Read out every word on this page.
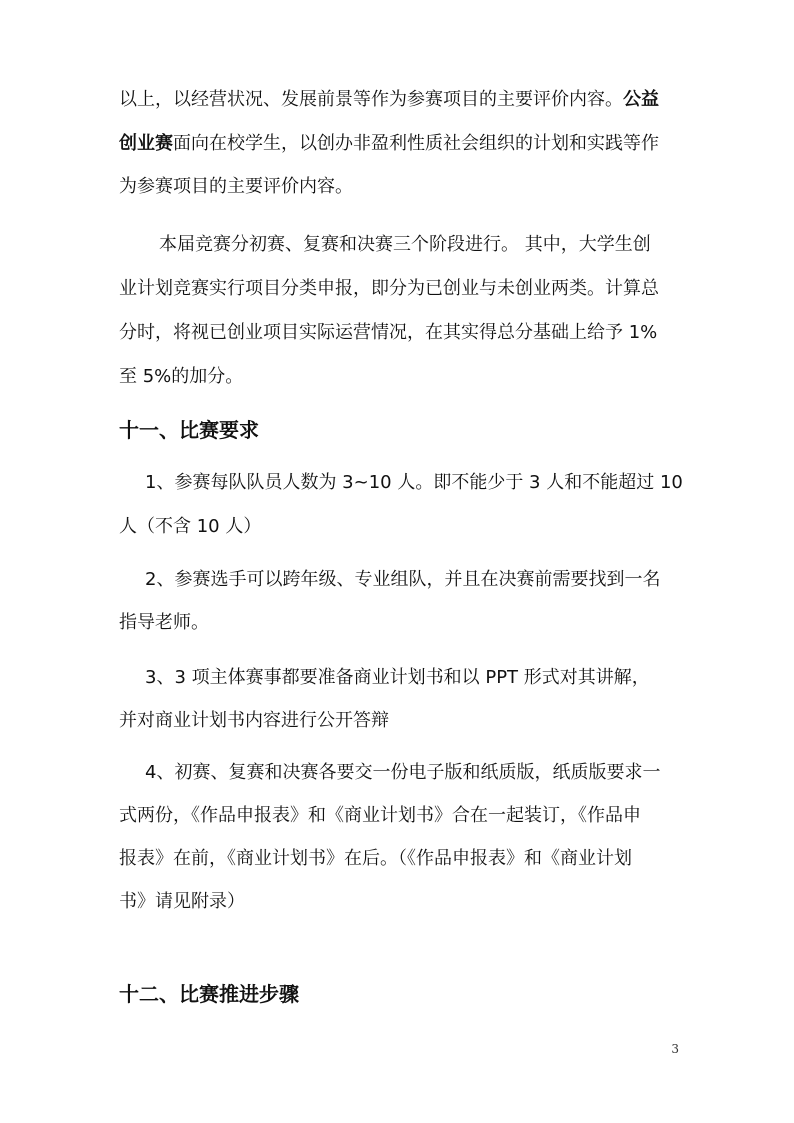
以上，以经营状况、发展前景等作为参赛项目的主要评价内容。公益
创业赛面向在校学生，以创办非盈利性质社会组织的计划和实践等作
为参赛项目的主要评价内容。
本届竞赛分初赛、复赛和决赛三个阶段进行。 其中，大学生创
业计划竞赛实行项目分类申报，即分为已创业与未创业两类。计算总
分时，将视已创业项目实际运营情况，在其实得总分基础上给予 1%
至 5%的加分。
十一、比赛要求
1、参赛每队队员人数为 3~10 人。即不能少于 3 人和不能超过 10
人（不含 10 人）
2、参赛选手可以跨年级、专业组队，并且在决赛前需要找到一名
指导老师。
3、3 项主体赛事都要准备商业计划书和以 PPT 形式对其讲解，
并对商业计划书内容进行公开答辩
4、初赛、复赛和决赛各要交一份电子版和纸质版，纸质版要求一
式两份，《作品申报表》和《商业计划书》合在一起装订，《作品申
报表》在前，《商业计划书》在后。（《作品申报表》和《商业计划
书》请见附录）
十二、比赛推进步骤
3
